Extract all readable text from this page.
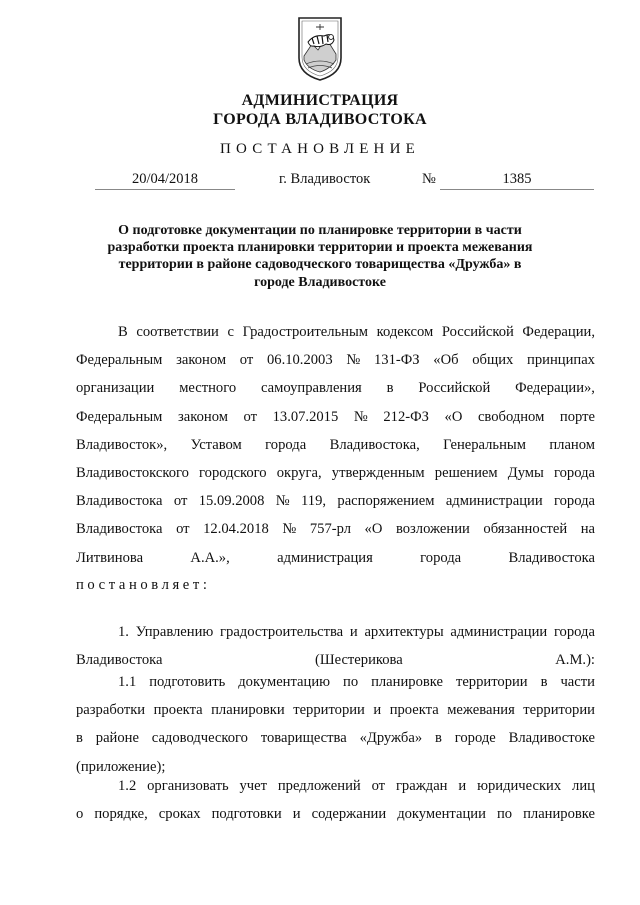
АДМИНИСТРАЦИЯ
ГОРОДА ВЛАДИВОСТОКА
ПОСТАНОВЛЕНИЕ
20/04/2018	г. Владивосток	№	1385
О подготовке документации по планировке территории в части разработки проекта планировки территории и проекта межевания территории в районе садоводческого товарищества «Дружба» в городе Владивостоке
В соответствии с Градостроительным кодексом Российской Федерации,
Федеральным законом от 06.10.2003 № 131-ФЗ «Об общих принципах
организации местного самоуправления в Российской Федерации»,
Федеральным законом от 13.07.2015 № 212-ФЗ «О свободном порте
Владивосток», Уставом города Владивостока, Генеральным планом
Владивостокского городского округа, утвержденным решением Думы города
Владивостока от 15.09.2008 № 119, распоряжением администрации города
Владивостока от 12.04.2018 № 757-рл «О возложении обязанностей на
Литвинова А.А.», администрация города Владивостока
постановляет:
1. Управлению градостроительства и архитектуры администрации города
Владивостока (Шестерикова А.М.):
1.1 подготовить документацию по планировке территории в части
разработки проекта планировки территории и проекта межевания территории
в районе садоводческого товарищества «Дружба» в городе Владивостоке
(приложение);
1.2 организовать учет предложений от граждан и юридических лиц
о порядке, сроках подготовки и содержании документации по планировке
